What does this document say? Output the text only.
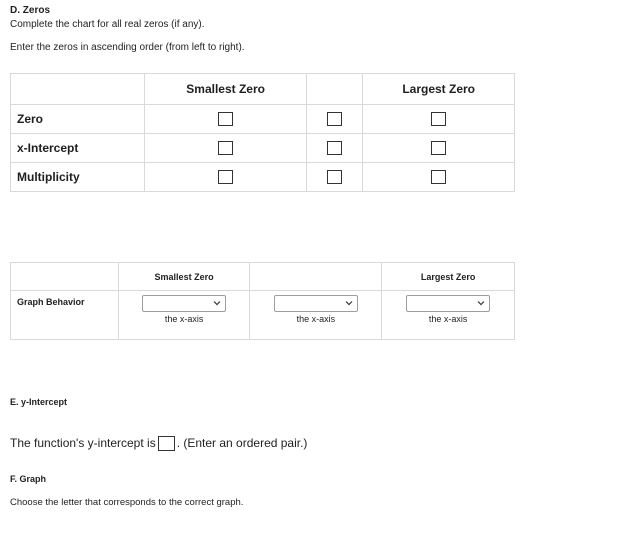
D. Zeros
Complete the chart for all real zeros (if any).
Enter the zeros in ascending order (from left to right).
	Smallest Zero		Largest Zero
Zero			
x-Intercept			
Multiplicity			
	Smallest Zero		Largest Zero
Graph Behavior	the x-axis	the x-axis	the x-axis
E. y-Intercept
The function's y-intercept is . (Enter an ordered pair.)
F. Graph
Choose the letter that corresponds to the correct graph.
